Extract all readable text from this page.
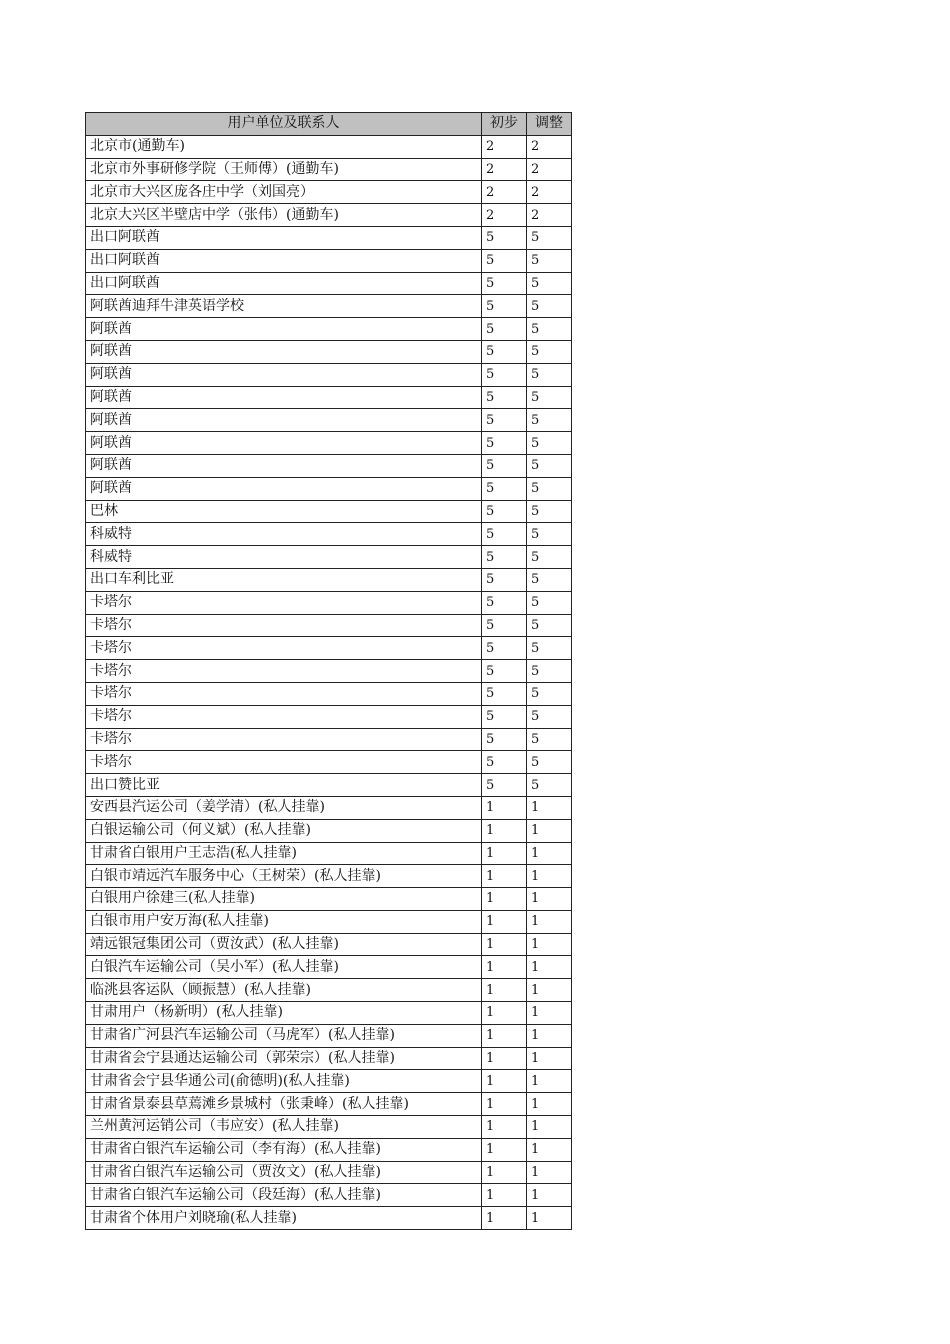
用户单位及联系人	初步	调整
北京市(通勤车)	2	2
北京市外事研修学院（王师傅）(通勤车)	2	2
北京市大兴区庞各庄中学（刘国亮）	2	2
北京大兴区半壁店中学（张伟）(通勤车)	2	2
出口阿联酋	5	5
出口阿联酋	5	5
出口阿联酋	5	5
阿联酋迪拜牛津英语学校	5	5
阿联酋	5	5
阿联酋	5	5
阿联酋	5	5
阿联酋	5	5
阿联酋	5	5
阿联酋	5	5
阿联酋	5	5
阿联酋	5	5
巴林	5	5
科威特	5	5
科威特	5	5
出口车利比亚	5	5
卡塔尔	5	5
卡塔尔	5	5
卡塔尔	5	5
卡塔尔	5	5
卡塔尔	5	5
卡塔尔	5	5
卡塔尔	5	5
卡塔尔	5	5
出口赞比亚	5	5
安西县汽运公司（姜学清）(私人挂靠)	1	1
白银运输公司（何义斌）(私人挂靠)	1	1
甘肃省白银用户王志浩(私人挂靠)	1	1
白银市靖远汽车服务中心（王树荣）(私人挂靠)	1	1
白银用户徐建三(私人挂靠)	1	1
白银市用户安万海(私人挂靠)	1	1
靖远银冠集团公司（贾汝武）(私人挂靠)	1	1
白银汽车运输公司（吴小军）(私人挂靠)	1	1
临洮县客运队（顾振慧）(私人挂靠)	1	1
甘肃用户（杨新明）(私人挂靠)	1	1
甘肃省广河县汽车运输公司（马虎军）(私人挂靠)	1	1
甘肃省会宁县通达运输公司（郭荣宗）(私人挂靠)	1	1
甘肃省会宁县华通公司(俞德明)(私人挂靠)	1	1
甘肃省景泰县草蔫滩乡景城村（张秉峰）(私人挂靠)	1	1
兰州黄河运销公司（韦应安）(私人挂靠)	1	1
甘肃省白银汽车运输公司（李有海）(私人挂靠)	1	1
甘肃省白银汽车运输公司（贾汝文）(私人挂靠)	1	1
甘肃省白银汽车运输公司（段廷海）(私人挂靠)	1	1
甘肃省个体用户刘晓瑜(私人挂靠)	1	1
